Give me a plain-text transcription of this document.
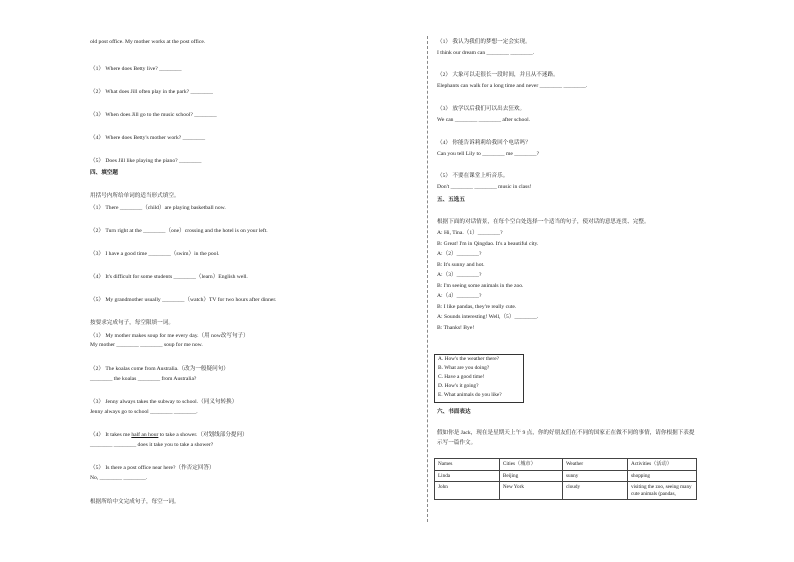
old post office. My mother works at the post office.
（1） Where does Betty live? ________
（2） What does Jill often play in the park? ________
（3） When does Jill go to the music school? ________
（4） Where does Betty's mother work? ________
（5） Does Jill like playing the piano? ________
四、填空题
用括号内所给单词的适当形式填空。
（1） There ________（child）are playing basketball now.
（2） Turn right at the ________（one）crossing and the hotel is on your left.
（3） I have a good time ________（swim）in the pool.
（4） It's difficult for some students ________（learn）English well.
（5） My grandmother usually ________（watch）TV for two hours after dinner.
按要求完成句子，每空限填一词。
（1） My mother makes soup for me every day.（用 now改写句子）
My mother ________ ________ soup for me now.
（2） The koalas come from Australia.（改为一般疑问句）
________ the koalas ________ from Australia?
（3） Jenny always takes the subway to school.（同义句转换）
Jenny always go to school ________ ________.
（4） It takes me half an hour to take a shower.（对划线部分提问）
________ ________ does it take you to take a shower?
（5） Is there a post office near here?（作否定回答）
No, ________ ________.
根据所给中文完成句子，每空一词。
（1） 我认为我们的梦想一定会实现。
I think our dream can ________ ________.
（2） 大象可以走很长一段时间，并且从不迷路。
Elephants can walk for a long time and never ________ ________.
（3） 放学以后我们可以出去狂欢。
We can ________ ________ after school.
（4） 你能告诉莉莉给我回个电话吗？
Can you tell Lily to ________ me ________?
（5） 不要在课堂上听音乐。
Don't ________ ________ music in class!
五、五选五
根据下面的对话情景，在每个空白处选择一个适当的句子，使对话的意思连贯、完整。
A: Hi, Tina.（1）________?
B: Great! I'm in Qingdao. It's a beautiful city.
A:（2）________?
B: It's sunny and hot.
A:（3）________?
B: I'm seeing some animals in the zoo.
A:（4）________?
B: I like pandas, they're really cute.
A: Sounds interesting! Well,（5）________.
B: Thanks! Bye!
A. How's the weather there?
B. What are you doing?
C. Have a good time!
D. How's it going?
E. What animals do you like?
六、书面表达
假如你是 Jack，现在是星期天上午 9 点，你的好朋友们在不同的国家正在做不同的事情，请你根据下表提
示写一篇作文。
Names	Cities（城市）	Weather	Activities（活动）
Linda	Beijing	sunny	shopping
John	New York	cloudy	visiting the zoo, seeing many cute animals (pandas,
